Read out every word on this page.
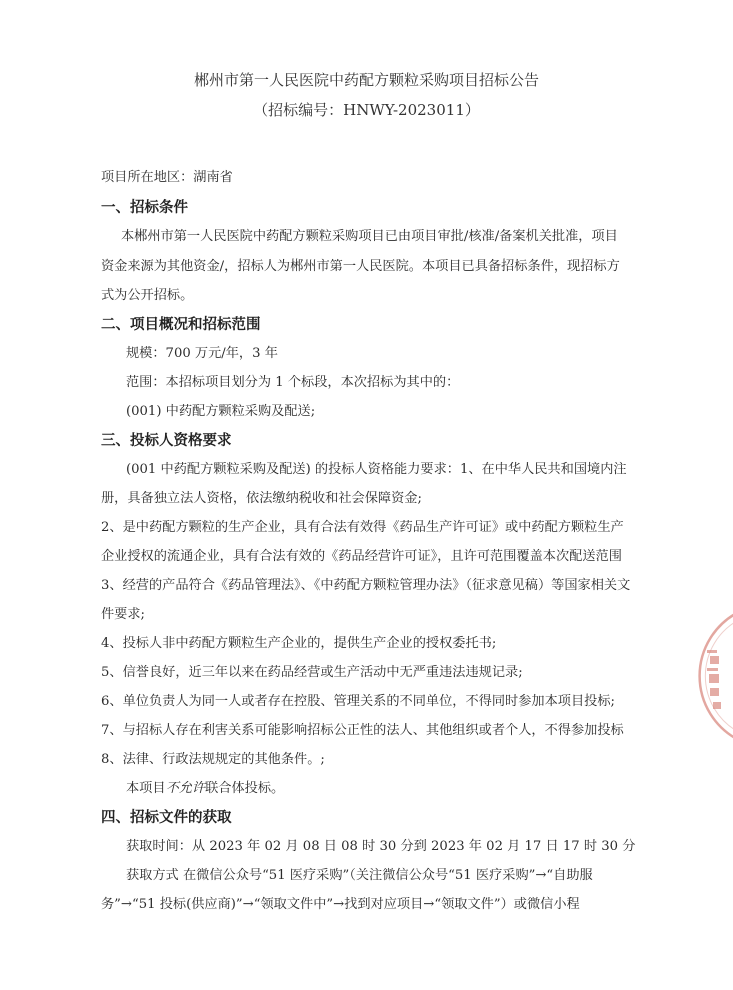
郴州市第一人民医院中药配方颗粒采购项目招标公告
（招标编号：HNWY-2023011）
项目所在地区：湖南省
一、招标条件
本郴州市第一人民医院中药配方颗粒采购项目已由项目审批/核准/备案机关批准，项目
资金来源为其他资金/，招标人为郴州市第一人民医院。本项目已具备招标条件，现招标方
式为公开招标。
二、项目概况和招标范围
规模：700 万元/年，3 年
范围：本招标项目划分为 1 个标段，本次招标为其中的：
(001) 中药配方颗粒采购及配送;
三、投标人资格要求
(001 中药配方颗粒采购及配送) 的投标人资格能力要求：1、在中华人民共和国境内注
册，具备独立法人资格，依法缴纳税收和社会保障资金;
2、是中药配方颗粒的生产企业，具有合法有效得《药品生产许可证》或中药配方颗粒生产
企业授权的流通企业，具有合法有效的《药品经营许可证》，且许可范围覆盖本次配送范围
3、经营的产品符合《药品管理法》、《中药配方颗粒管理办法》（征求意见稿）等国家相关文
件要求;
4、投标人非中药配方颗粒生产企业的，提供生产企业的授权委托书;
5、信誉良好，近三年以来在药品经营或生产活动中无严重违法违规记录;
6、单位负责人为同一人或者存在控股、管理关系的不同单位，不得同时参加本项目投标;
7、与招标人存在利害关系可能影响招标公正性的法人、其他组织或者个人，不得参加投标
8、法律、行政法规规定的其他条件。;
本项目不允许联合体投标。
四、招标文件的获取
获取时间：从 2023 年 02 月 08 日 08 时 30 分到 2023 年 02 月 17 日 17 时 30 分
获取方式 在微信公众号“51 医疗采购”（关注微信公众号“51 医疗采购”→“自助服
务”→“51 投标(供应商)”→“领取文件中”→找到对应项目→“领取文件”）或微信小程
